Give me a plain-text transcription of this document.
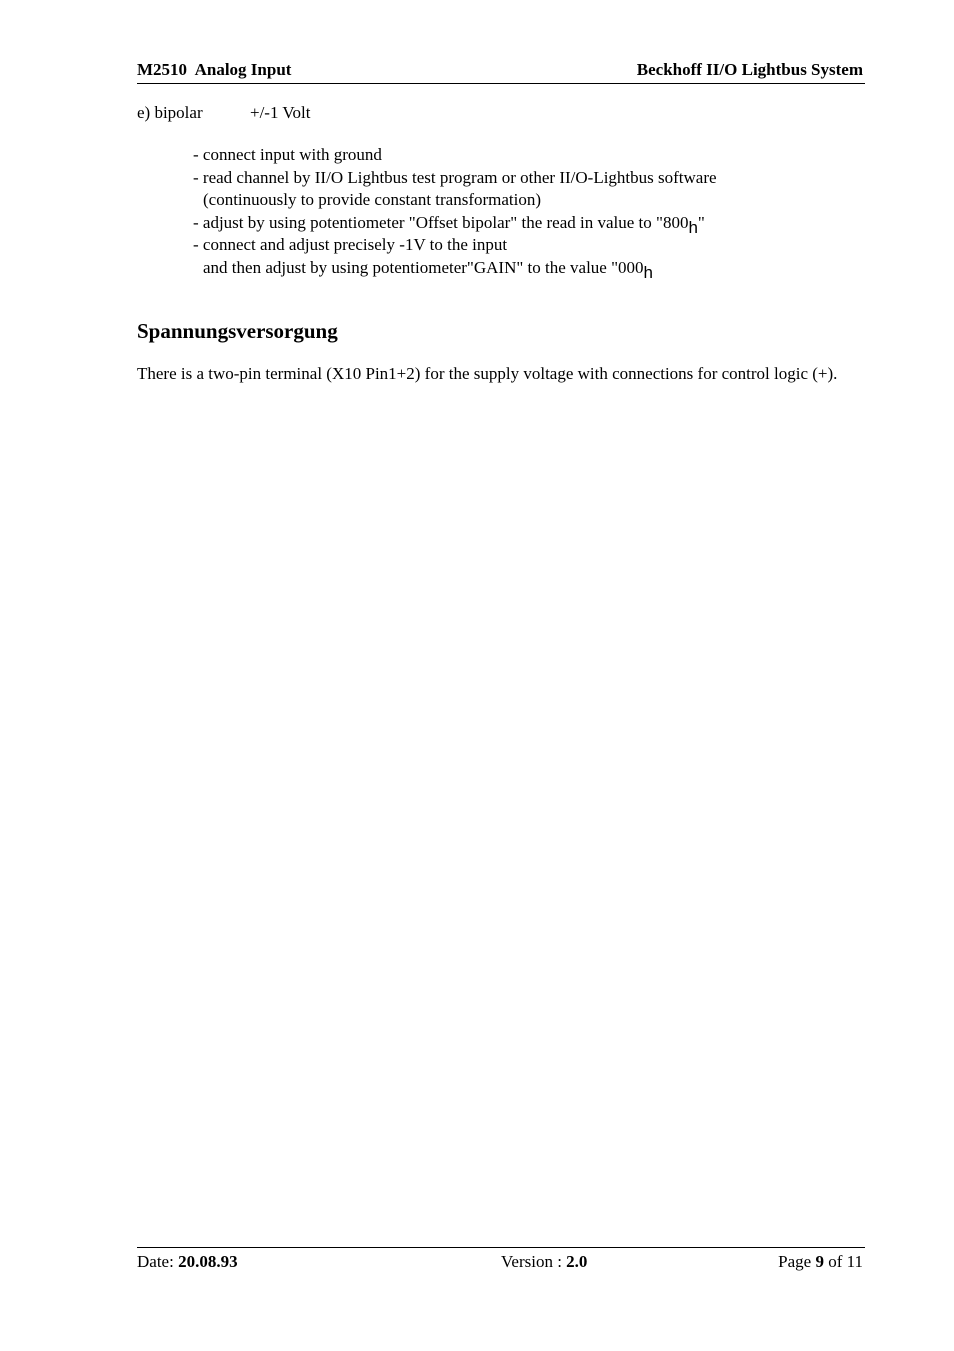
M2510  Analog Input	Beckhoff II/O Lightbus System
e) bipolar	+/-1 Volt
- connect input with ground
- read channel by II/O Lightbus test program or other II/O-Lightbus software
(continuously to provide constant transformation)
- adjust by using potentiometer "Offset bipolar" the read in value to "$800_h$"
- connect and adjust precisely -1V to the input
and then adjust by using potentiometer"GAIN" to the value "$000_h$
Spannungsversorgung
There is a two-pin terminal (X10 Pin1+2) for the supply voltage with connections for control logic (+).
Date: 20.08.93	Version : 2.0	Page 9 of 11
